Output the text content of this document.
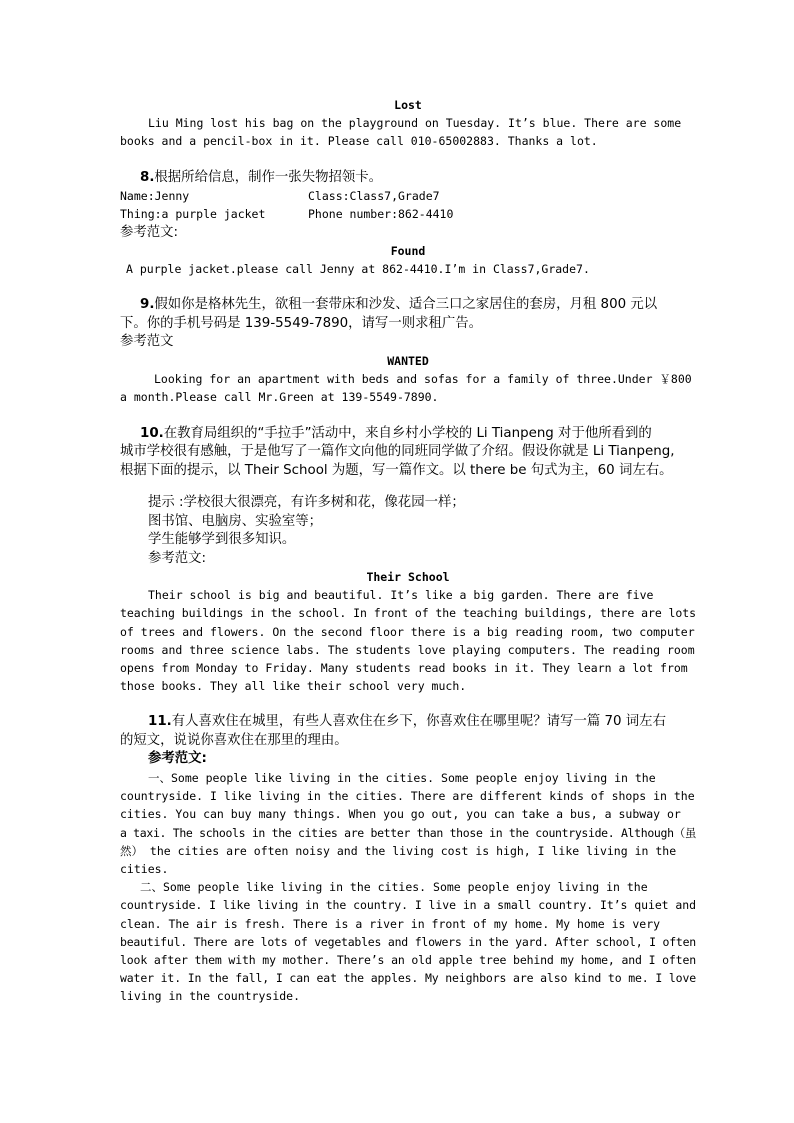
Lost
Liu Ming lost his bag on the playground on Tuesday. It’s blue. There are some
books and a pencil-box in it. Please call 010-65002883. Thanks a lot.
8.根据所给信息，制作一张失物招领卡。
Name:Jenny	Class:Class7,Grade7
Thing:a purple jacket	Phone number:862-4410
参考范文:
Found
A purple jacket.please call Jenny at 862-4410.I’m in Class7,Grade7.
9.假如你是格林先生，欲租一套带床和沙发、适合三口之家居住的套房，月租 800 元以
下。你的手机号码是 139-5549-7890，请写一则求租广告。
参考范文
WANTED
Looking for an apartment with beds and sofas for a family of three.Under ￥800
a month.Please call Mr.Green at 139-5549-7890.
10.在教育局组织的“手拉手”活动中，来自乡村小学校的 Li Tianpeng 对于他所看到的
城市学校很有感触，于是他写了一篇作文向他的同班同学做了介绍。假设你就是 Li Tianpeng,
根据下面的提示，以 Their School 为题，写一篇作文。以 there be 句式为主，60 词左右。
提示 :学校很大很漂亮，有许多树和花，像花园一样；
图书馆、电脑房、实验室等；
学生能够学到很多知识。
参考范文:
Their School
Their school is big and beautiful. It’s like a big garden. There are five
teaching buildings in the school. In front of the teaching buildings, there are lots
of trees and flowers. On the second floor there is a big reading room, two computer
rooms and three science labs. The students love playing computers. The reading room
opens from Monday to Friday. Many students read books in it. They learn a lot from
those books. They all like their school very much.
11.有人喜欢住在城里，有些人喜欢住在乡下，你喜欢住在哪里呢？请写一篇 70 词左右
的短文，说说你喜欢住在那里的理由。
参考范文:
一、Some people like living in the cities. Some people enjoy living in the
countryside. I like living in the cities. There are different kinds of shops in the
cities. You can buy many things. When you go out, you can take a bus, a subway or
a taxi. The schools in the cities are better than those in the countryside. Although（虽
然） the cities are often noisy and the living cost is high, I like living in the
cities.
二、Some people like living in the cities. Some people enjoy living in the
countryside. I like living in the country. I live in a small country. It’s quiet and
clean. The air is fresh. There is a river in front of my home. My home is very
beautiful. There are lots of vegetables and flowers in the yard. After school, I often
look after them with my mother. There’s an old apple tree behind my home, and I often
water it. In the fall, I can eat the apples. My neighbors are also kind to me. I love
living in the countryside.
